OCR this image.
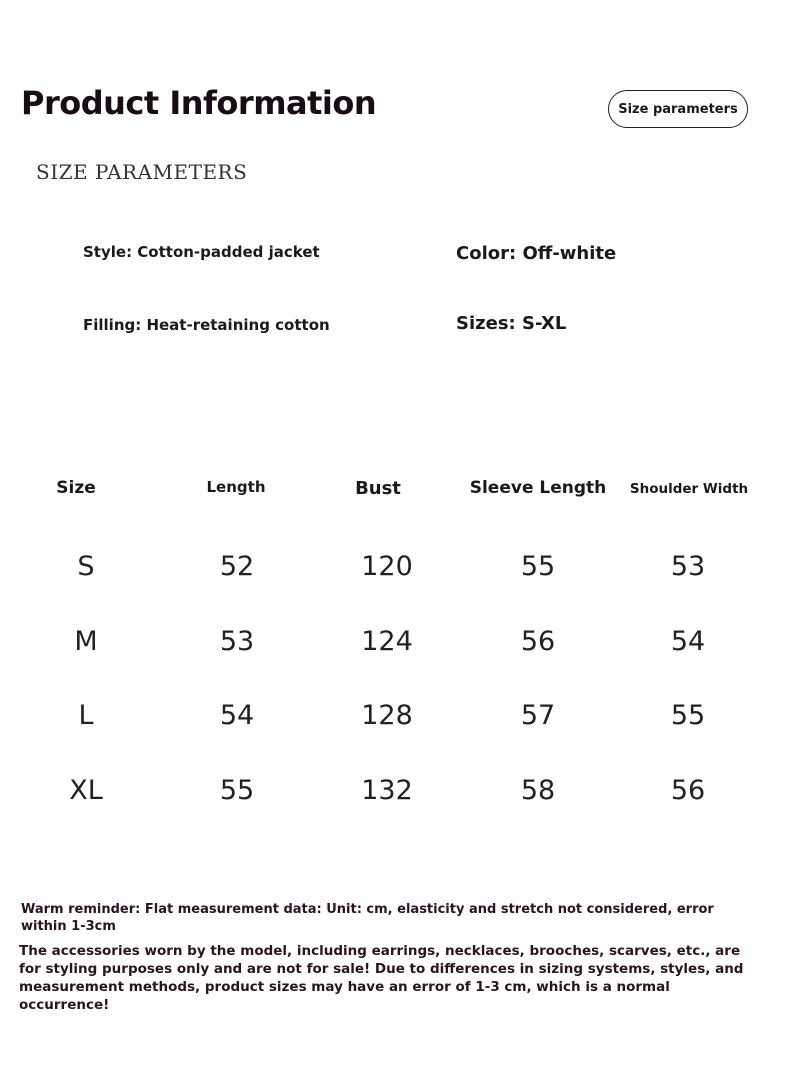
Product Information	Size parameters
SIZE PARAMETERS
Style: Cotton-padded jacket	Color: Off-white
Filling: Heat-retaining cotton	Sizes: S-XL
Size	Length	Bust	Sleeve Length	Shoulder Width
S	52	120	55	53
M	53	124	56	54
L	54	128	57	55
XL	55	132	58	56
Warm reminder: Flat measurement data: Unit: cm, elasticity and stretch not considered, error within 1-3cm
The accessories worn by the model, including earrings, necklaces, brooches, scarves, etc., are for styling purposes only and are not for sale! Due to differences in sizing systems, styles, and measurement methods, product sizes may have an error of 1-3 cm, which is a normal occurrence!
